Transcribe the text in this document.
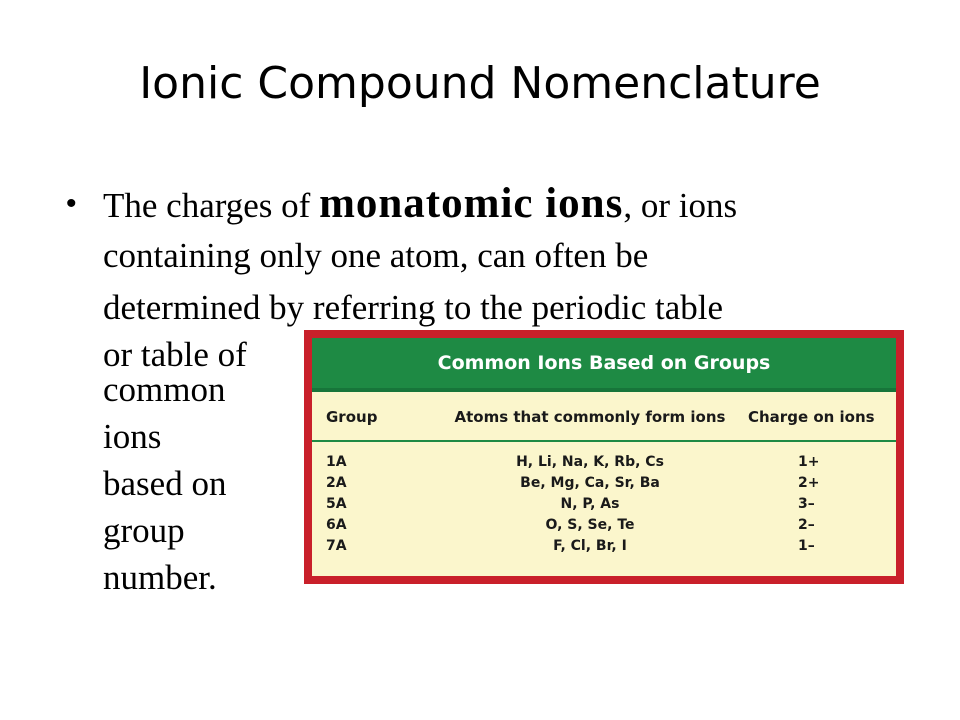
Ionic Compound Nomenclature
• The charges of monatomic ions, or ions
containing only one atom, can often be
determined by referring to the periodic table
or table of
common
ions
based on
group
number.
Common Ions Based on Groups
Group	Atoms that commonly form ions	Charge on ions
1A	H, Li, Na, K, Rb, Cs	1+
2A	Be, Mg, Ca, Sr, Ba	2+
5A	N, P, As	3–
6A	O, S, Se, Te	2–
7A	F, Cl, Br, I	1–
